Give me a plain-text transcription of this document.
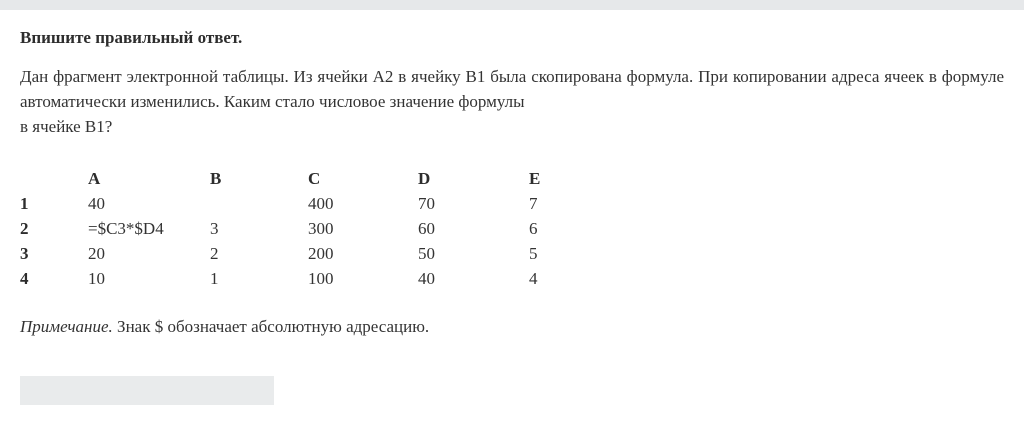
Впишите правильный ответ.

Дан фрагмент электронной таблицы. Из ячейки A2 в ячейку B1 была скопирована формула. При копировании адреса ячеек в формуле автоматически изменились. Каким стало числовое значение формулы
в ячейке B1?

	A	B	C	D	E
1	40		400	70	7
2	=$C3*$D4	3	300	60	6
3	20	2	200	50	5
4	10	1	100	40	4

Примечание. Знак $ обозначает абсолютную адресацию.
